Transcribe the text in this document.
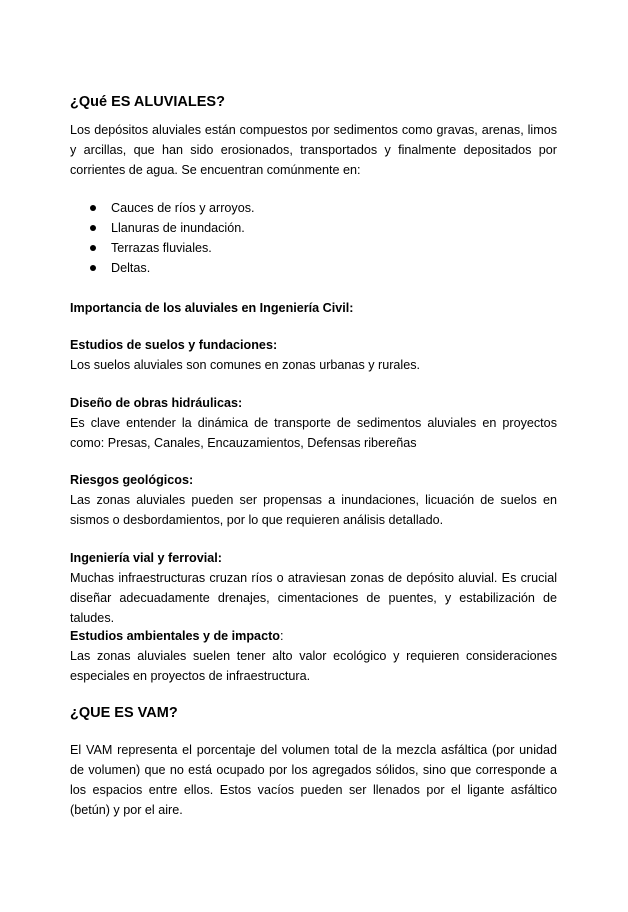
¿Qué ES ALUVIALES?
Los depósitos aluviales están compuestos por sedimentos como gravas, arenas, limos y arcillas, que han sido erosionados, transportados y finalmente depositados por corrientes de agua. Se encuentran comúnmente en:
Cauces de ríos y arroyos.
Llanuras de inundación.
Terrazas fluviales.
Deltas.
Importancia de los aluviales en Ingeniería Civil:
Estudios de suelos y fundaciones:
Los suelos aluviales son comunes en zonas urbanas y rurales.
Diseño de obras hidráulicas:
Es clave entender la dinámica de transporte de sedimentos aluviales en proyectos como: Presas, Canales, Encauzamientos, Defensas ribereñas
Riesgos geológicos:
Las zonas aluviales pueden ser propensas a inundaciones, licuación de suelos en sismos o desbordamientos, por lo que requieren análisis detallado.
Ingeniería vial y ferrovial:
Muchas infraestructuras cruzan ríos o atraviesan zonas de depósito aluvial. Es crucial diseñar adecuadamente drenajes, cimentaciones de puentes, y estabilización de taludes.
Estudios ambientales y de impacto:
Las zonas aluviales suelen tener alto valor ecológico y requieren consideraciones especiales en proyectos de infraestructura.
¿QUE ES VAM?
El VAM representa el porcentaje del volumen total de la mezcla asfáltica (por unidad de volumen) que no está ocupado por los agregados sólidos, sino que corresponde a los espacios entre ellos. Estos vacíos pueden ser llenados por el ligante asfáltico (betún) y por el aire.
